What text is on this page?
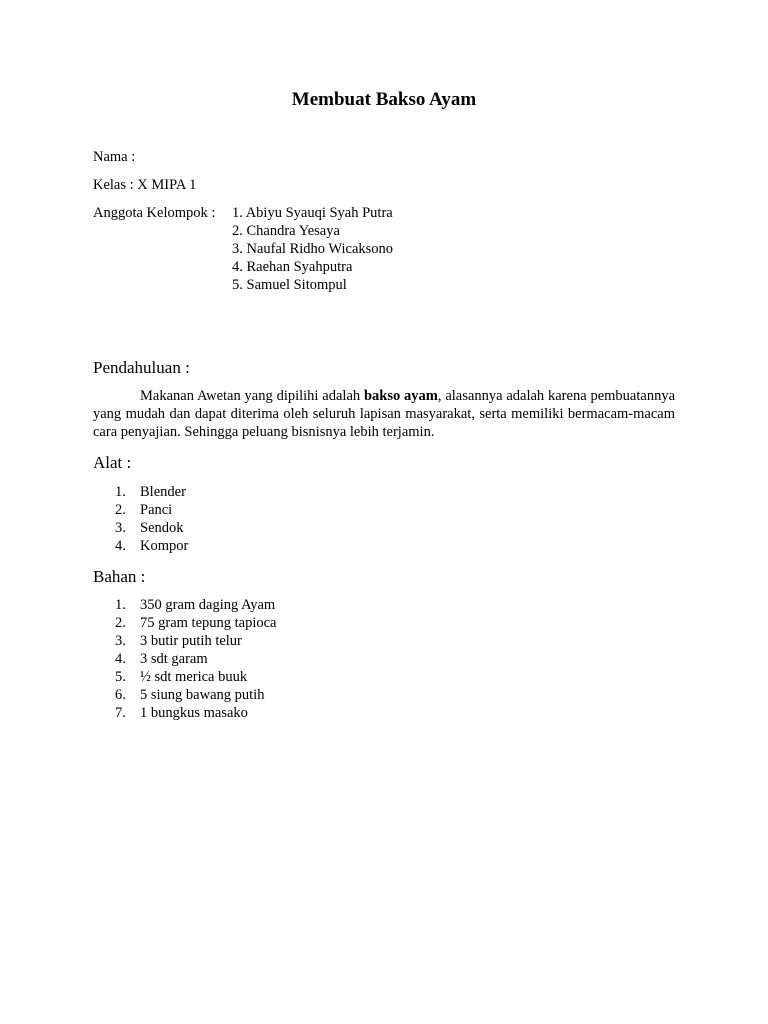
Membuat Bakso Ayam
Nama :
Kelas : X MIPA 1
Anggota Kelompok : 1. Abiyu Syauqi Syah Putra
2. Chandra Yesaya
3. Naufal Ridho Wicaksono
4. Raehan Syahputra
5. Samuel Sitompul
Pendahuluan :

Makanan Awetan yang dipilihi adalah bakso ayam, alasannya adalah karena pembuatannya yang mudah dan dapat diterima oleh seluruh lapisan masyarakat, serta memiliki bermacam-macam cara penyajian. Sehingga peluang bisnisnya lebih terjamin.

Alat :
1. Blender
2. Panci
3. Sendok
4. Kompor
Bahan :
1. 350 gram daging Ayam
2. 75 gram tepung tapioca
3. 3 butir putih telur
4. 3 sdt garam
5. ½ sdt merica buuk
6. 5 siung bawang putih
7. 1 bungkus masako
